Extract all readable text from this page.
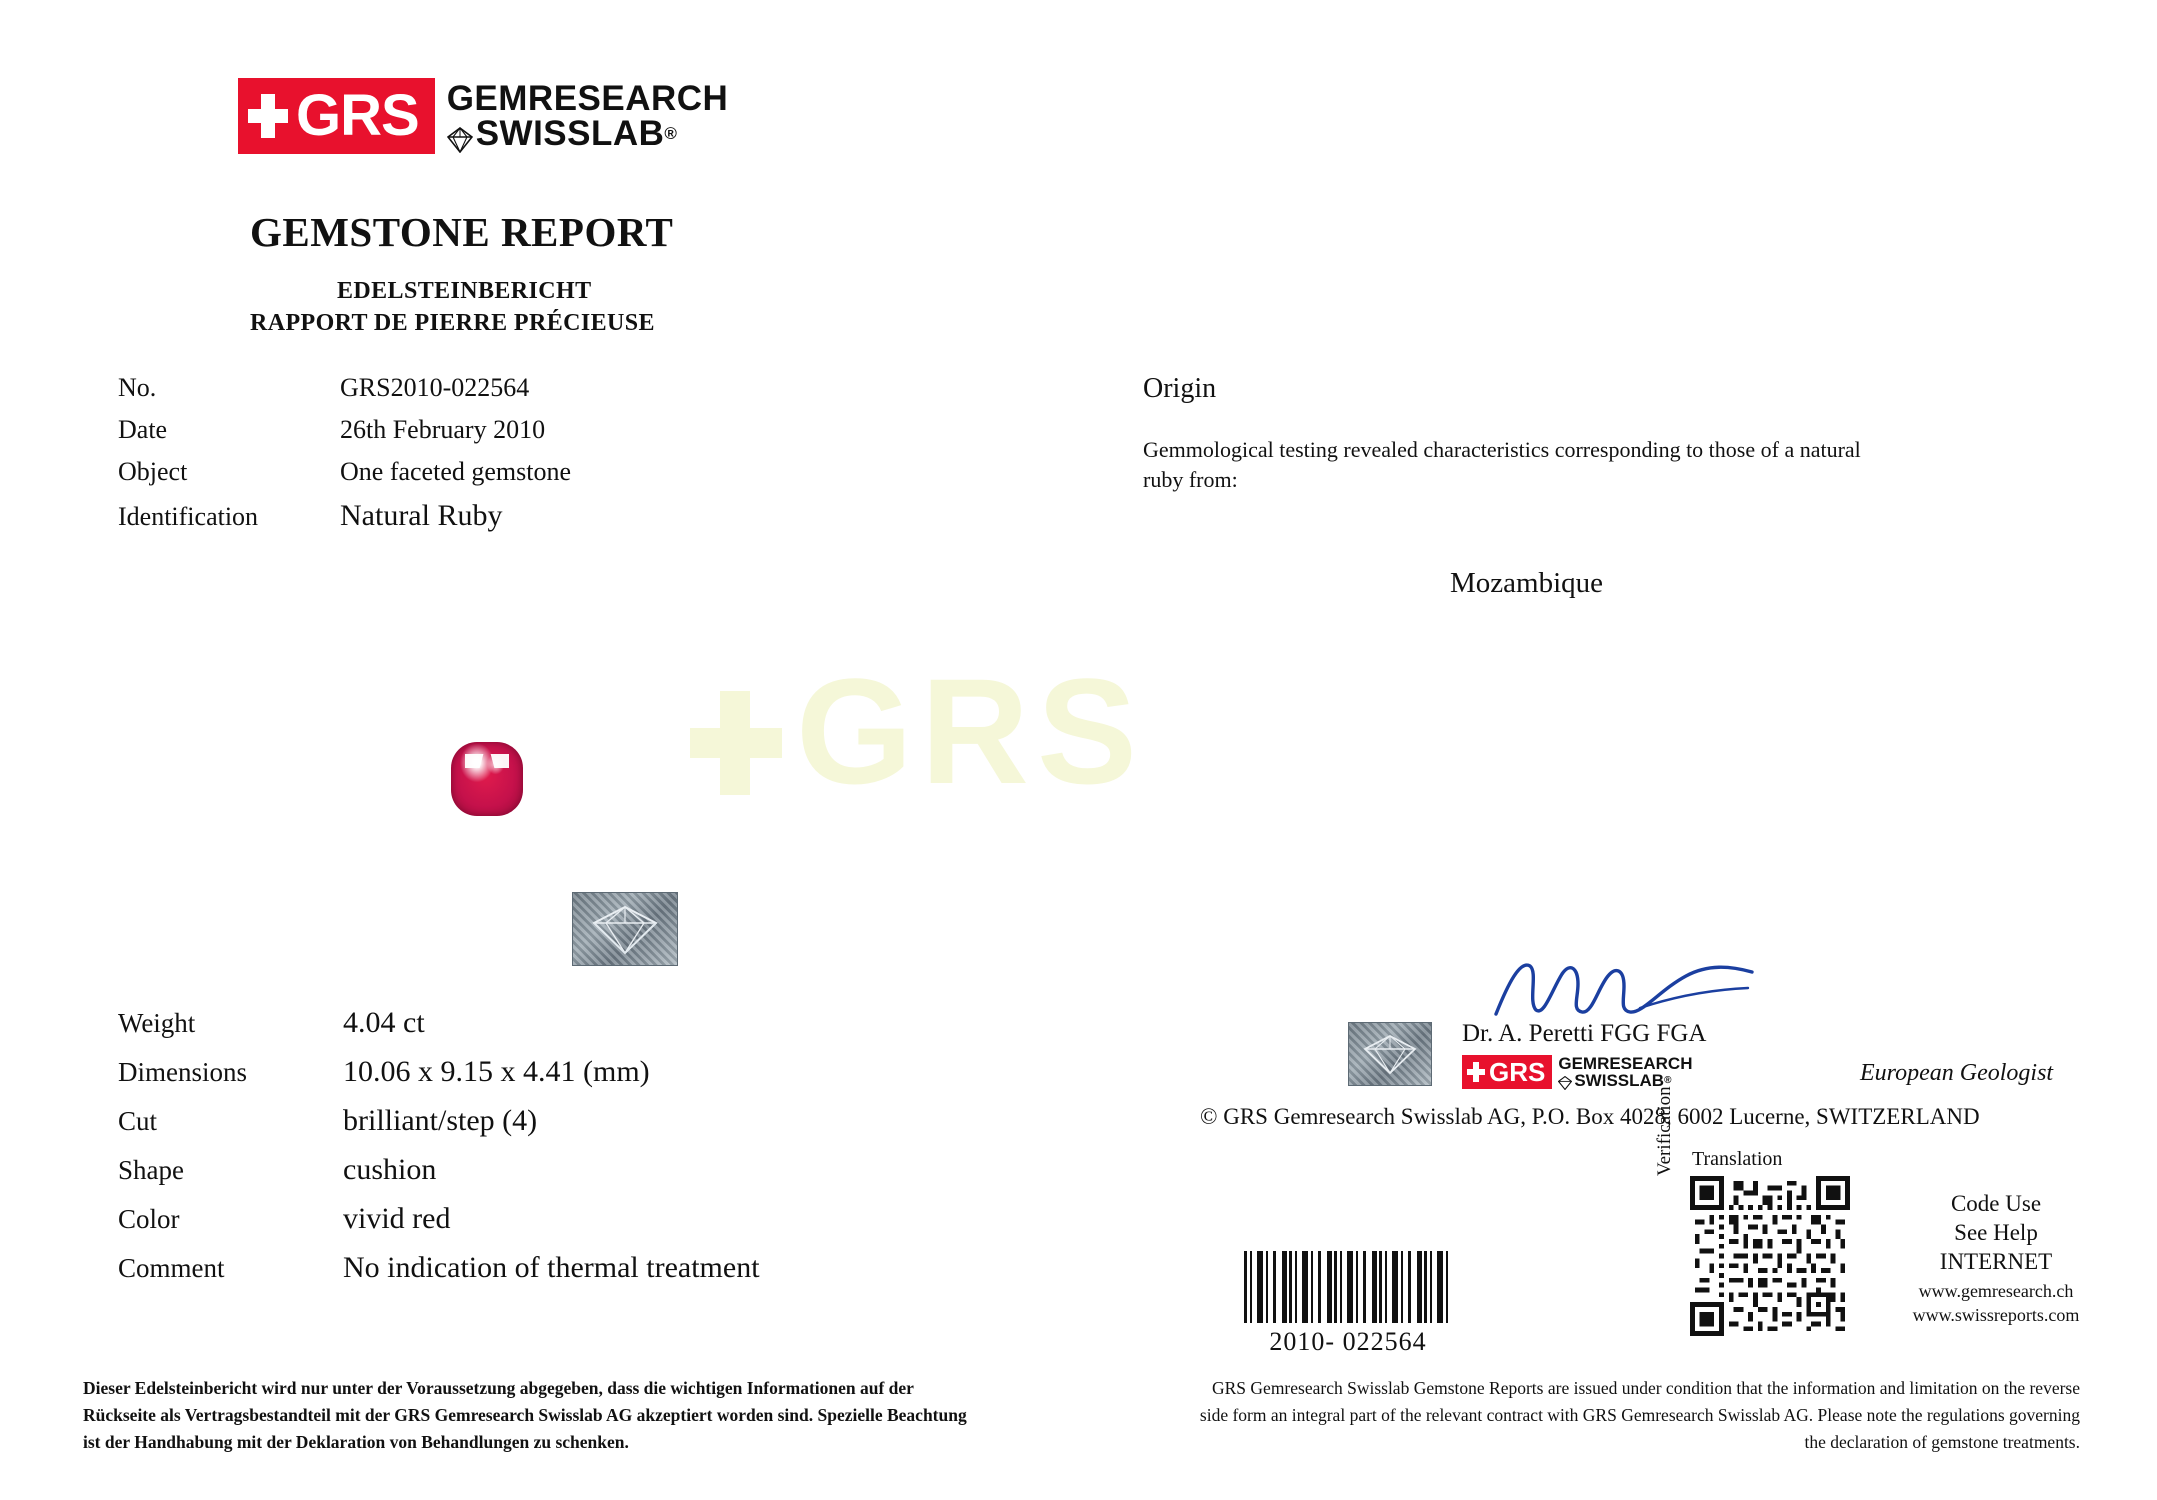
GRS
GRS GEMRESEARCH
SWISSLAB ®
GEMSTONE REPORT
EDELSTEINBERICHT
RAPPORT DE PIERRE PRÉCIEUSE
No.	GRS2010-022564
Date	26th February 2010
Object	One faceted gemstone
Identification	Natural Ruby
Origin
Gemmological testing revealed characteristics corresponding to those of a natural ruby from:
Mozambique
Weight	4.04 ct
Dimensions	10.06 x 9.15 x 4.41 (mm)
Cut	brilliant/step (4)
Shape	cushion
Color	vivid red
Comment	No indication of thermal treatment
Dr. A. Peretti FGG FGA
GRS GEMRESEARCH
SWISSLAB ®	European Geologist
© GRS Gemresearch Swisslab AG, P.O. Box 4028, 6002 Lucerne, SWITZERLAND
2010- 022564
Translation
Verification
Code Use
See Help
INTERNET
www.gemresearch.ch
www.swissreports.com
Dieser Edelsteinbericht wird nur unter der Voraussetzung abgegeben, dass die wichtigen Informationen auf der Rückseite als Vertragsbestandteil mit der GRS Gemresearch Swisslab AG akzeptiert worden sind. Spezielle Beachtung ist der Handhabung mit der Deklaration von Behandlungen zu schenken.
GRS Gemresearch Swisslab Gemstone Reports are issued under condition that the information and limitation on the reverse side form an integral part of the relevant contract with GRS Gemresearch Swisslab AG. Please note the regulations governing the declaration of gemstone treatments.
